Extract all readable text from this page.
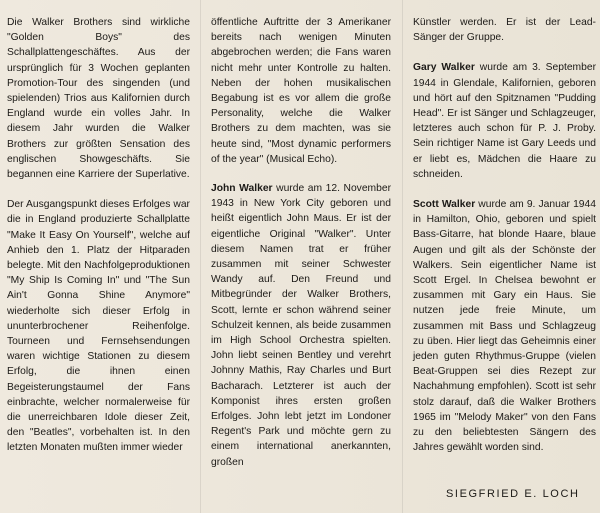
Die Walker Brothers sind wirkliche "Golden Boys" des Schallplattengeschäftes. Aus der ursprünglich für 3 Wochen geplanten Promotion-Tour des singenden (und spielenden) Trios aus Kalifornien durch England wurde ein volles Jahr. In diesem Jahr wurden die Walker Brothers zur größten Sensation des englischen Showgeschäfts. Sie begannen eine Karriere der Superlative.

Der Ausgangspunkt dieses Erfolges war die in England produzierte Schallplatte "Make It Easy On Yourself", welche auf Anhieb den 1. Platz der Hitparaden belegte. Mit den Nachfolgeproduktionen "My Ship Is Coming In" und "The Sun Ain't Gonna Shine Anymore" wiederholte sich dieser Erfolg in ununterbrochener Reihenfolge. Tourneen und Fernsehsendungen waren wichtige Stationen zu diesem Erfolg, die ihnen einen Begeisterungstaumel der Fans einbrachte, welcher normalerweise für die unerreichbaren Idole dieser Zeit, den "Beatles", vorbehalten ist. In den letzten Monaten mußten immer wieder

öffentliche Auftritte der 3 Amerikaner bereits nach wenigen Minuten abgebrochen werden; die Fans waren nicht mehr unter Kontrolle zu halten. Neben der hohen musikalischen Begabung ist es vor allem die große Personality, welche die Walker Brothers zu dem machten, was sie heute sind, "Most dynamic performers of the year" (Musical Echo).

John Walker wurde am 12. November 1943 in New York City geboren und heißt eigentlich John Maus. Er ist der eigentliche Original "Walker". Unter diesem Namen trat er früher zusammen mit seiner Schwester Wandy auf. Den Freund und Mitbegründer der Walker Brothers, Scott, lernte er schon während seiner Schulzeit kennen, als beide zusammen im High School Orchestra spielten. John liebt seinen Bentley und verehrt Johnny Mathis, Ray Charles und Burt Bacharach. Letzterer ist auch der Komponist ihres ersten großen Erfolges. John lebt jetzt im Londoner Regent's Park und möchte gern zu einem international anerkannten, großen

Künstler werden. Er ist der Lead-Sänger der Gruppe.

Gary Walker wurde am 3. September 1944 in Glendale, Kalifornien, geboren und hört auf den Spitznamen "Pudding Head". Er ist Sänger und Schlagzeuger, letzteres auch schon für P. J. Proby. Sein richtiger Name ist Gary Leeds und er liebt es, Mädchen die Haare zu schneiden.

Scott Walker wurde am 9. Januar 1944 in Hamilton, Ohio, geboren und spielt Bass-Gitarre, hat blonde Haare, blaue Augen und gilt als der Schönste der Walkers. Sein eigentlicher Name ist Scott Ergel. In Chelsea bewohnt er zusammen mit Gary ein Haus. Sie nutzen jede freie Minute, um zusammen mit Bass und Schlagzeug zu üben. Hier liegt das Geheimnis einer jeden guten Rhythmus-Gruppe (vielen Beat-Gruppen sei dies Rezept zur Nachahmung empfohlen). Scott ist sehr stolz darauf, daß die Walker Brothers 1965 im "Melody Maker" von den Fans zu den beliebtesten Sängern des Jahres gewählt worden sind.

SIEGFRIED E. LOCH
